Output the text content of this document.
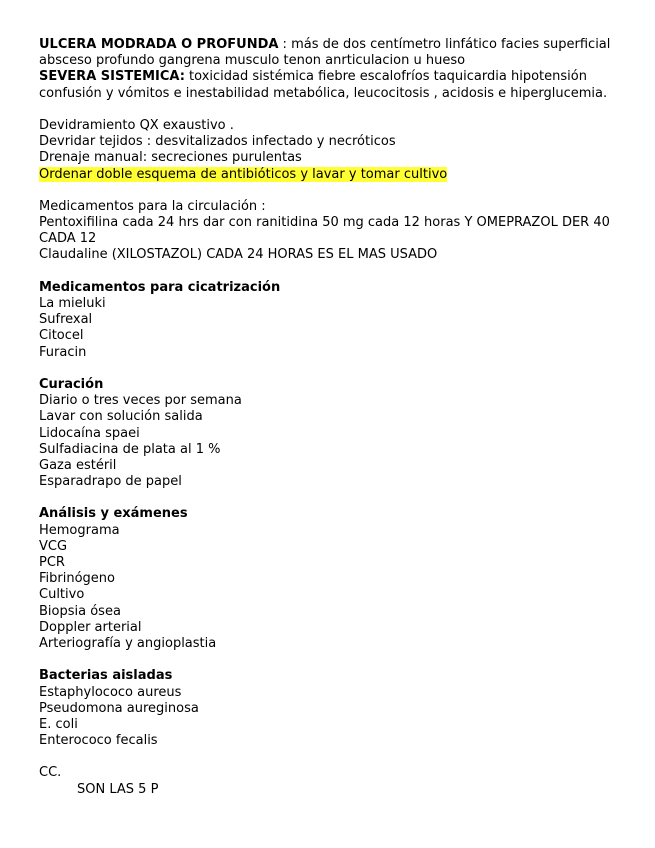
ULCERA MODRADA O PROFUNDA : más de dos centímetro linfático facies superficial
absceso profundo gangrena musculo tenon anrticulacion u hueso
SEVERA SISTEMICA: toxicidad sistémica fiebre escalofríos taquicardia hipotensión
confusión y vómitos e inestabilidad metabólica, leucocitosis , acidosis e hiperglucemia.
Devidramiento QX exaustivo .
Devridar tejidos : desvitalizados infectado y necróticos
Drenaje manual: secreciones purulentas
Ordenar doble esquema de antibióticos y lavar y tomar cultivo
Medicamentos para la circulación :
Pentoxifilina cada 24 hrs dar con ranitidina 50 mg cada 12 horas Y OMEPRAZOL DER 40
CADA 12
Claudaline (XILOSTAZOL) CADA 24 HORAS ES EL MAS USADO
Medicamentos para cicatrización
La mieluki
Sufrexal
Citocel
Furacin
Curación
Diario o tres veces por semana
Lavar con solución salida
Lidocaína spaei
Sulfadiacina de plata al 1 %
Gaza estéril
Esparadrapo de papel
Análisis y exámenes
Hemograma
VCG
PCR
Fibrinógeno
Cultivo
Biopsia ósea
Doppler arterial
Arteriografía y angioplastia
Bacterias aisladas
Estaphylococo aureus
Pseudomona aureginosa
E. coli
Enterococo fecalis
CC.
SON LAS 5 P
